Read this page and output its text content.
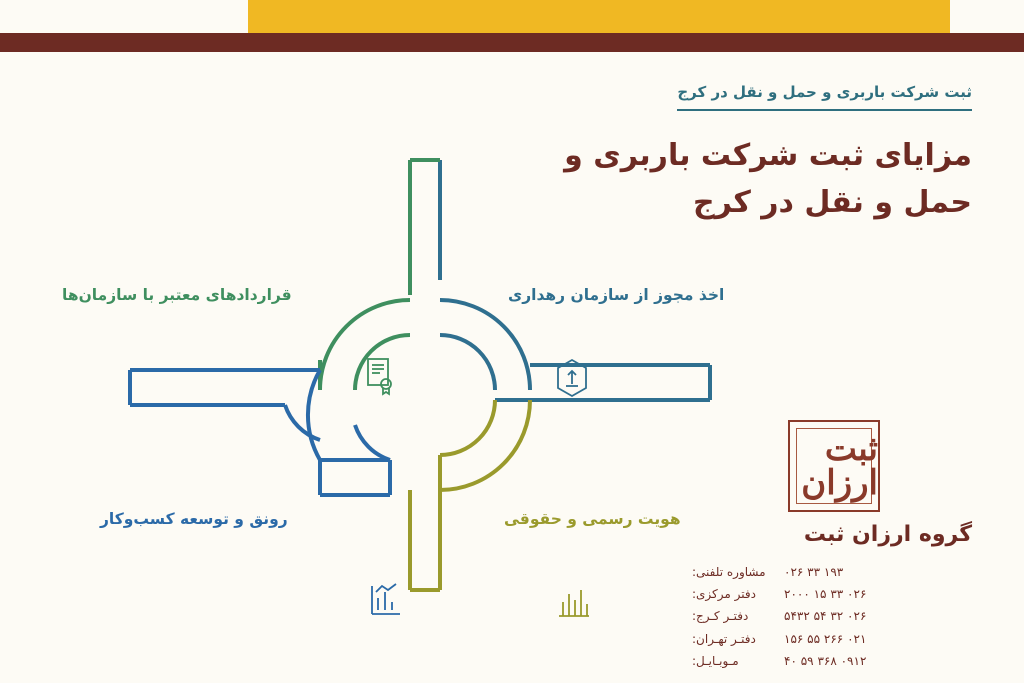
ثبت شرکت باربری و حمل و نقل در کرج
مزایای ثبت شرکت باربری و
حمل و نقل در کرج
قراردادهای معتبر با سازمان‌ها	اخذ مجوز از سازمان رهداری
رونق و توسعه کسب‌وکار	هویت رسمی و حقوقی
ثبت ارزان
گروه ارزان ثبت
۱۹۳ ۳۳ ۰۲۶
مشاوره تلفنی:
۰۲۶ ۳۳ ۱۵ ۲۰۰۰
دفتر مرکزی:
۰۲۶ ۳۲ ۵۴ ۵۴۳۲
دفتـر کـرج:
۰۲۱ ۲۶۶ ۵۵ ۱۵۶
دفتـر تهـران:
۰۹۱۲ ۳۶۸ ۵۹ ۴۰
مـوبـایـل:
